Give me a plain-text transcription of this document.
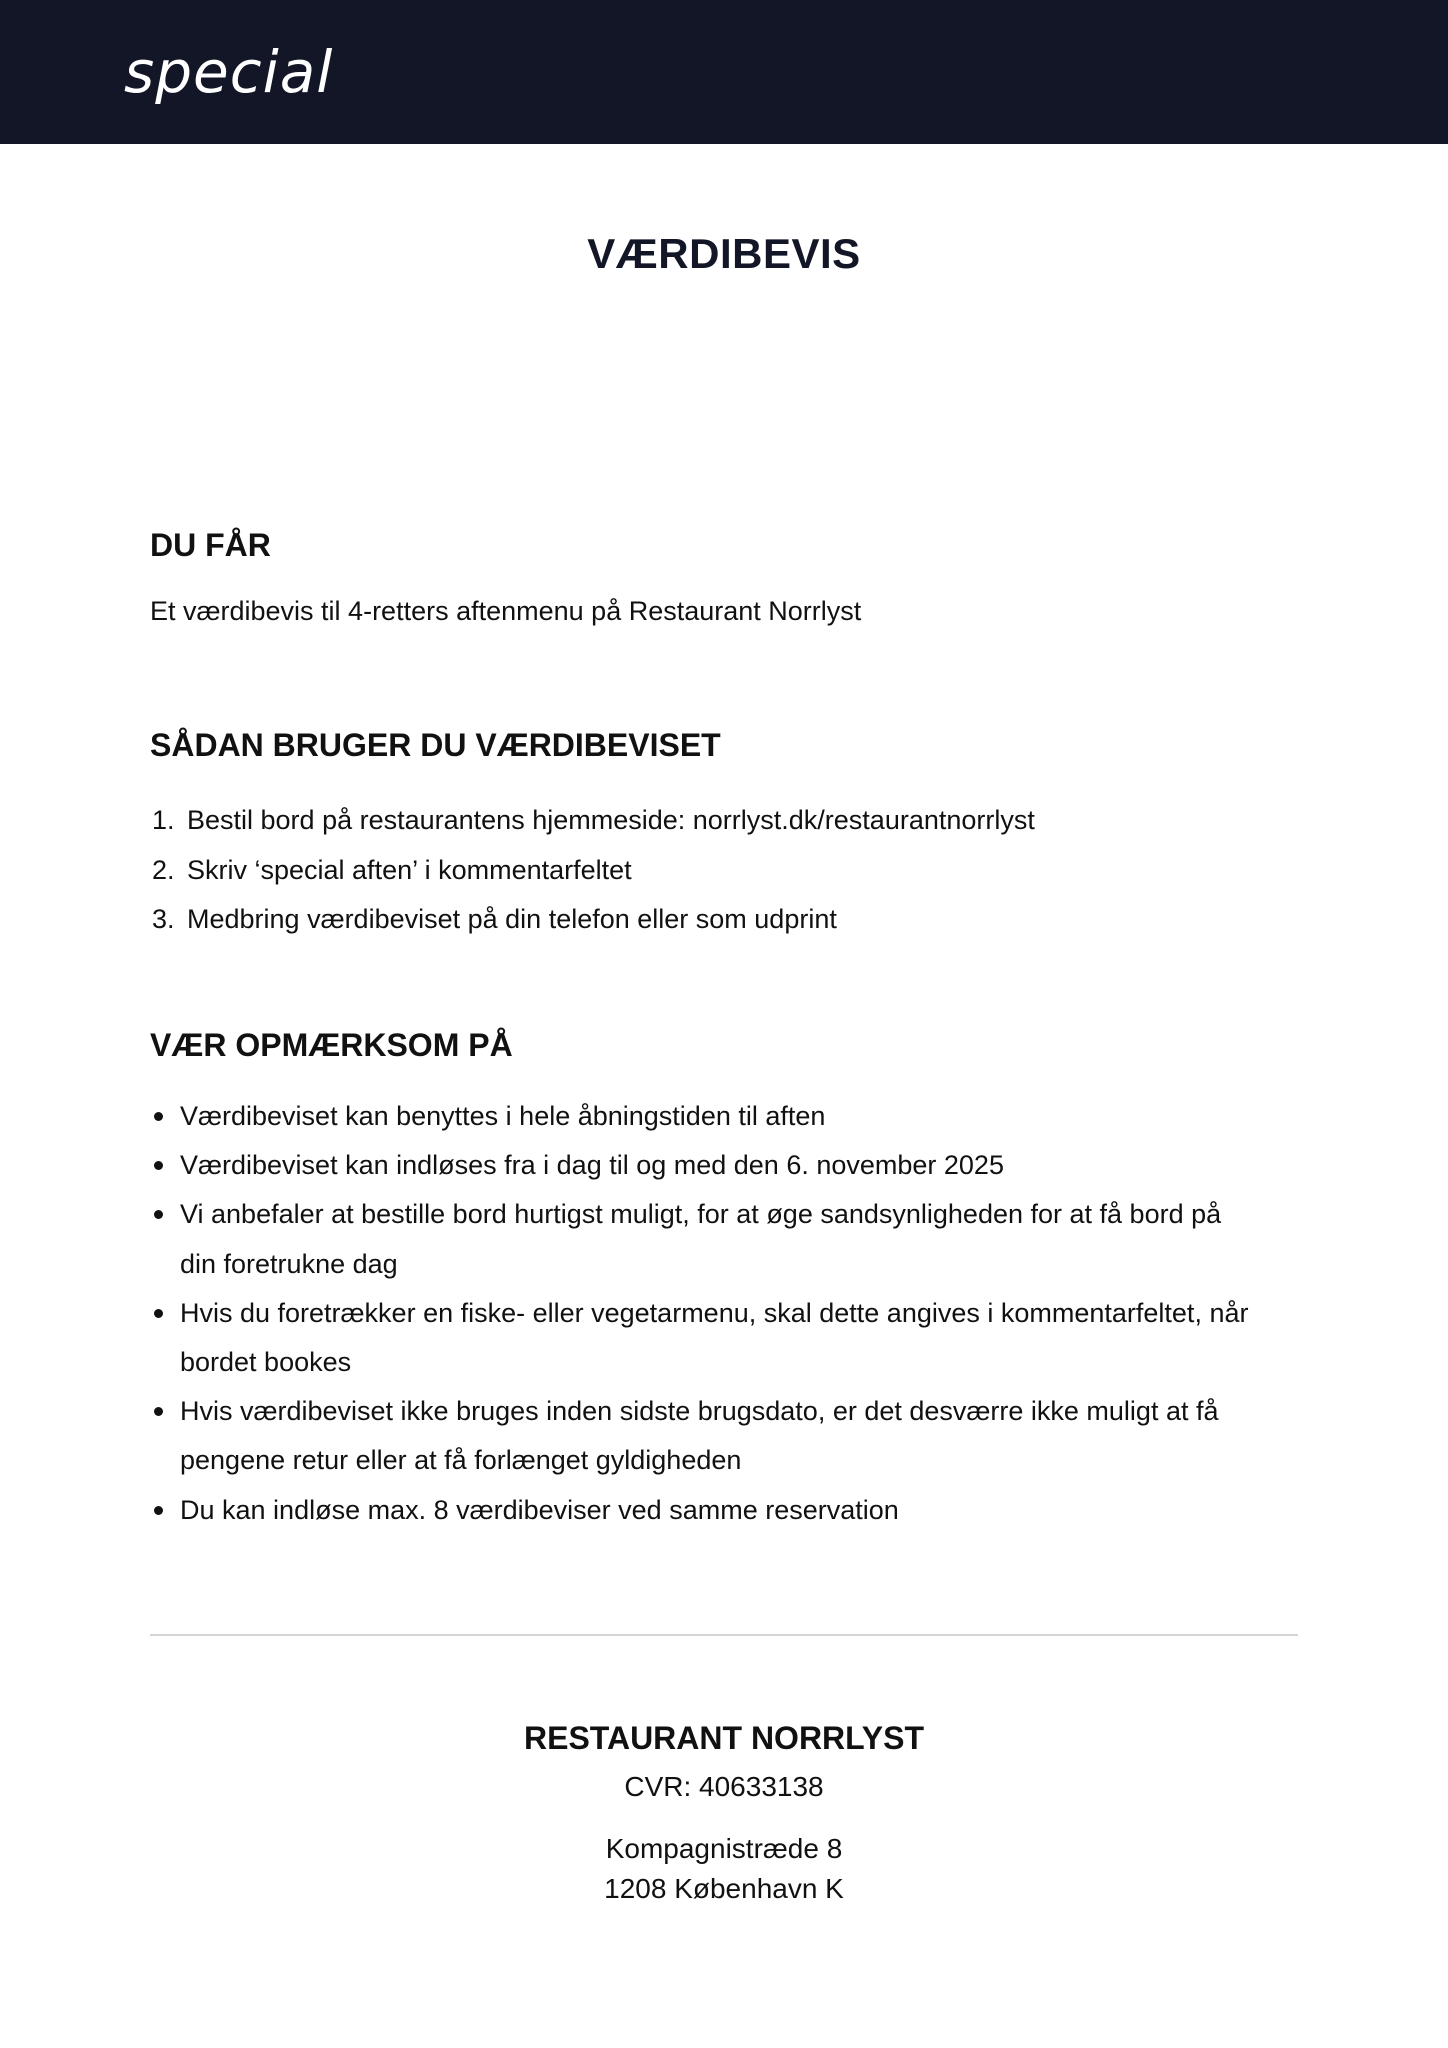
special
VÆRDIBEVIS
DU FÅR
Et værdibevis til 4-retters aftenmenu på Restaurant Norrlyst
SÅDAN BRUGER DU VÆRDIBEVISET
1. Bestil bord på restaurantens hjemmeside: norrlyst.dk/restaurantnorrlyst
2. Skriv ‘special aften’ i kommentarfeltet
3. Medbring værdibeviset på din telefon eller som udprint
VÆR OPMÆRKSOM PÅ
Værdibeviset kan benyttes i hele åbningstiden til aften
Værdibeviset kan indløses fra i dag til og med den 6. november 2025
Vi anbefaler at bestille bord hurtigst muligt, for at øge sandsynligheden for at få bord på din foretrukne dag
Hvis du foretrækker en fiske- eller vegetarmenu, skal dette angives i kommentarfeltet, når bordet bookes
Hvis værdibeviset ikke bruges inden sidste brugsdato, er det desværre ikke muligt at få pengene retur eller at få forlænget gyldigheden
Du kan indløse max. 8 værdibeviser ved samme reservation
RESTAURANT NORRLYST
CVR: 40633138
Kompagnistræde 8
1208 København K
